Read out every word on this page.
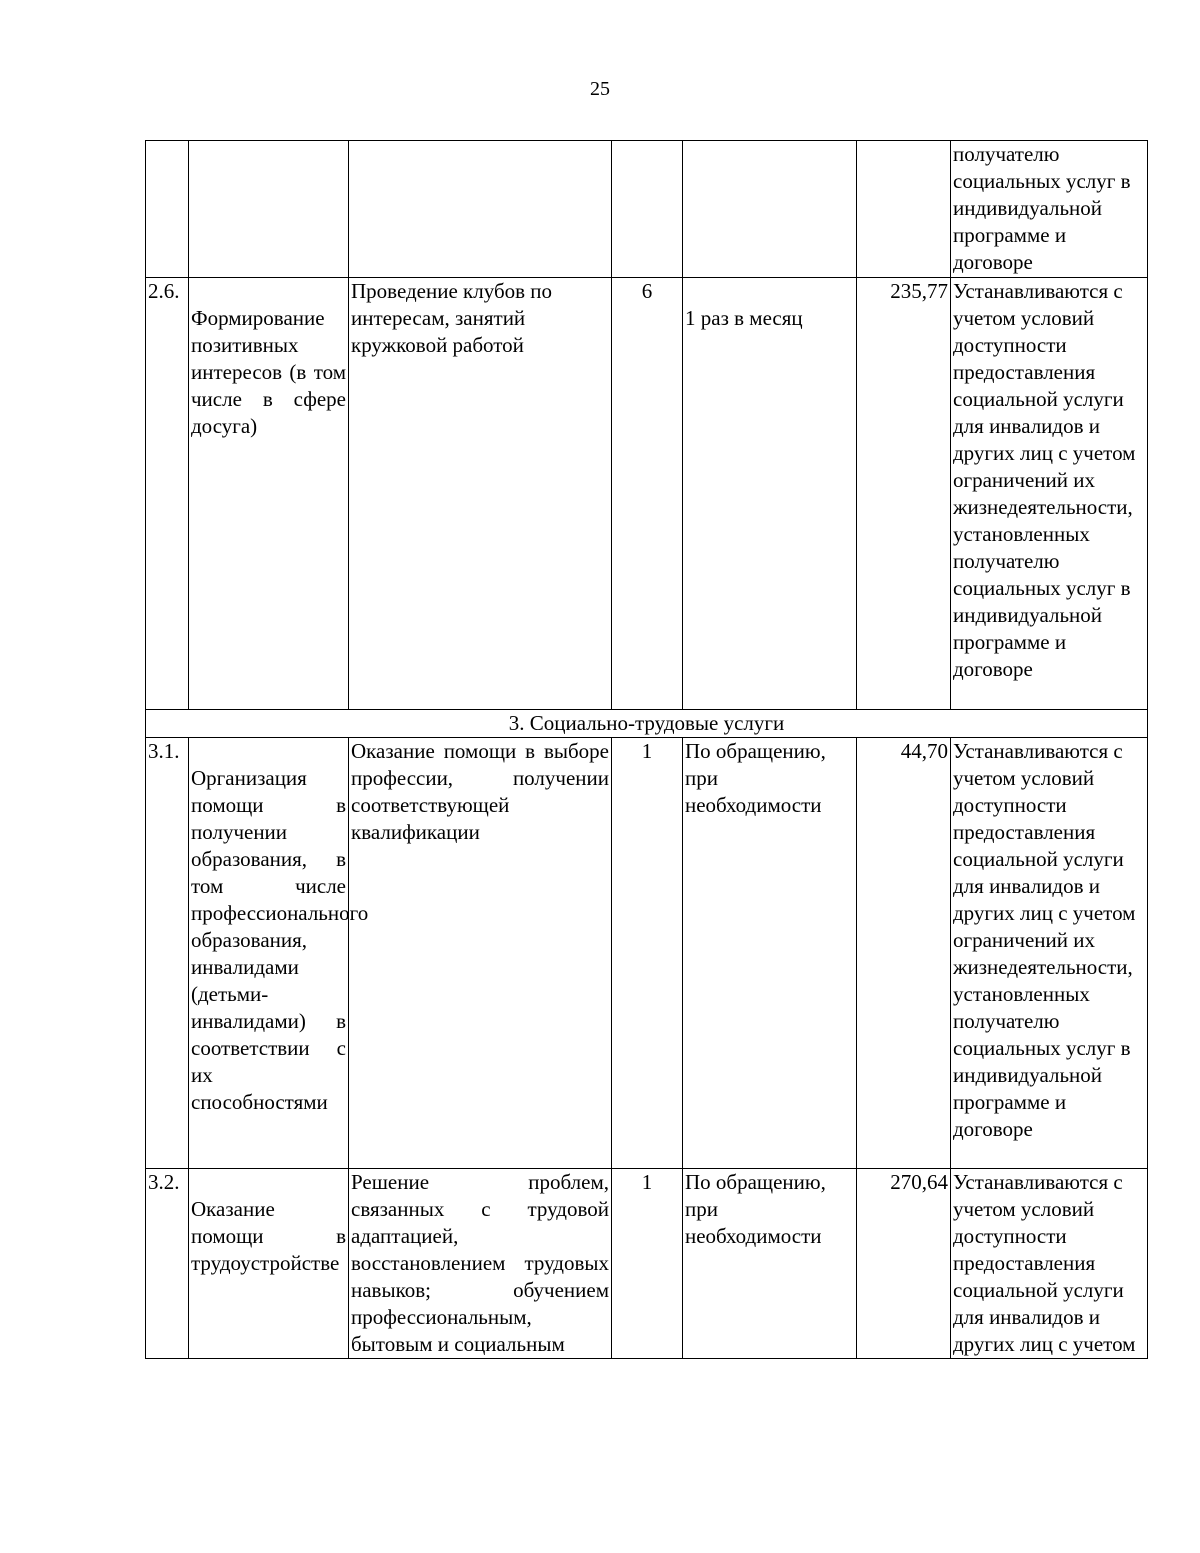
25
						получателю социальных услуг в индивидуальной программе и договоре
2.6.	Формирование позитивных интересов (в том числе в сфере досуга)	Проведение клубов по интересам, занятий кружковой работой	6	1 раз в месяц	235,77	Устанавливаются с учетом условий доступности предоставления социальной услуги для инвалидов и других лиц с учетом ограничений их жизнедеятельности, установленных получателю социальных услуг в индивидуальной программе и договоре
3. Социально-трудовые услуги						
3.1.	Организация помощи в получении образования, в том числе профессионального образования, инвалидами (детьми-инвалидами) в соответствии с их способностями	Оказание помощи в выборе профессии, получении соответствующей квалификации	1	По обращению, при необходимости	44,70	Устанавливаются с учетом условий доступности предоставления социальной услуги для инвалидов и других лиц с учетом ограничений их жизнедеятельности, установленных получателю социальных услуг в индивидуальной программе и договоре
3.2.	Оказание помощи в трудоустройстве	Решение проблем, связанных с трудовой адаптацией, восстановлением трудовых навыков; обучением профессиональным, бытовым и социальным	1	По обращению, при необходимости	270,64	Устанавливаются с учетом условий доступности предоставления социальной услуги для инвалидов и других лиц с учетом
